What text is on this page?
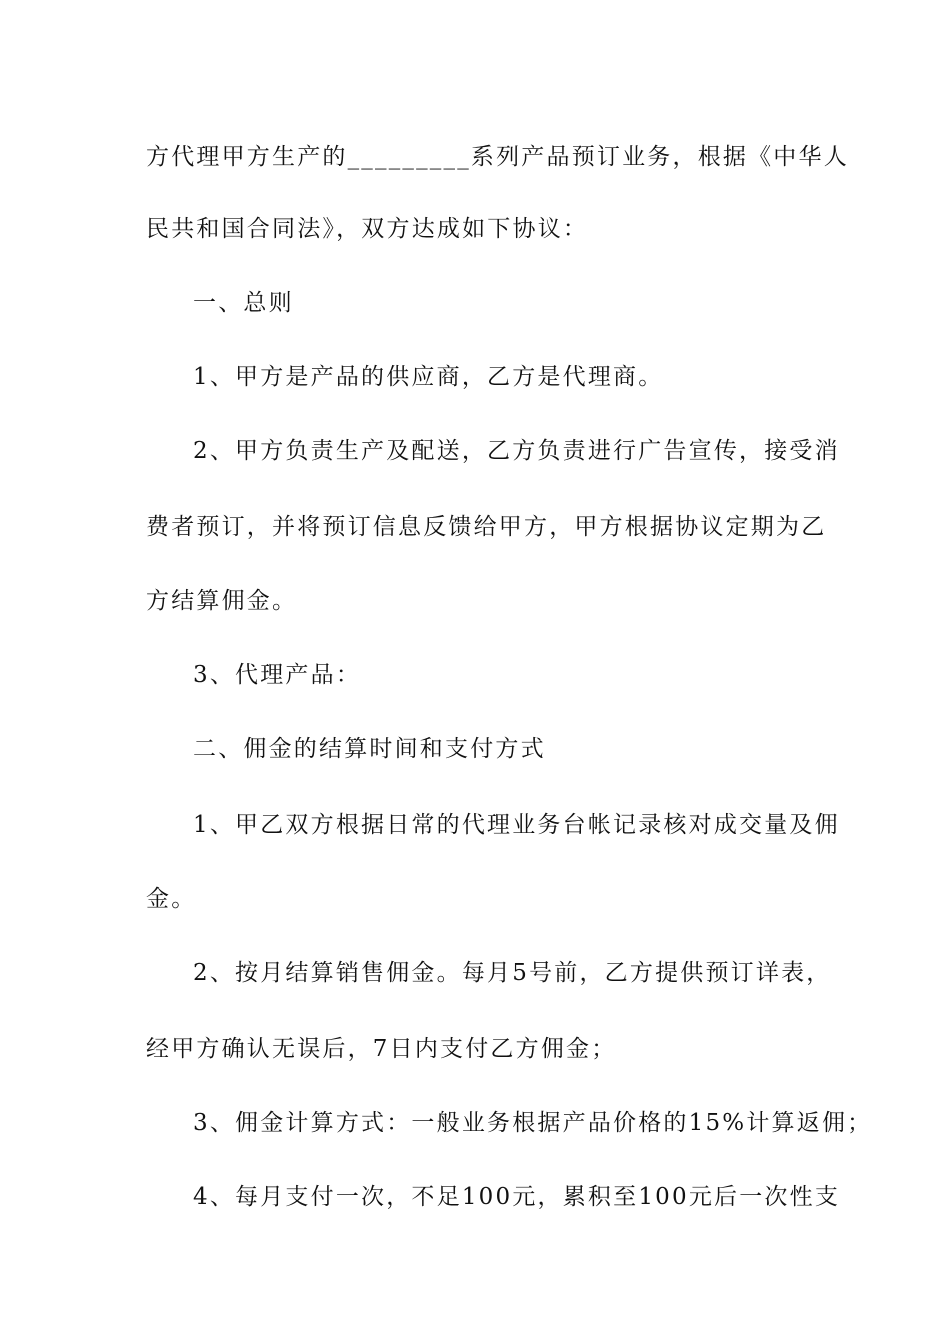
方代理甲方生产的_________系列产品预订业务，根据《中华人

民共和国合同法》，双方达成如下协议：

一、总则

1、甲方是产品的供应商，乙方是代理商。

2、甲方负责生产及配送，乙方负责进行广告宣传，接受消

费者预订，并将预订信息反馈给甲方，甲方根据协议定期为乙

方结算佣金。

3、代理产品：

二、佣金的结算时间和支付方式

1、甲乙双方根据日常的代理业务台帐记录核对成交量及佣

金。

2、按月结算销售佣金。每月5号前，乙方提供预订详表，

经甲方确认无误后，7日内支付乙方佣金；

3、佣金计算方式：一般业务根据产品价格的15%计算返佣；

4、每月支付一次，不足100元，累积至100元后一次性支
